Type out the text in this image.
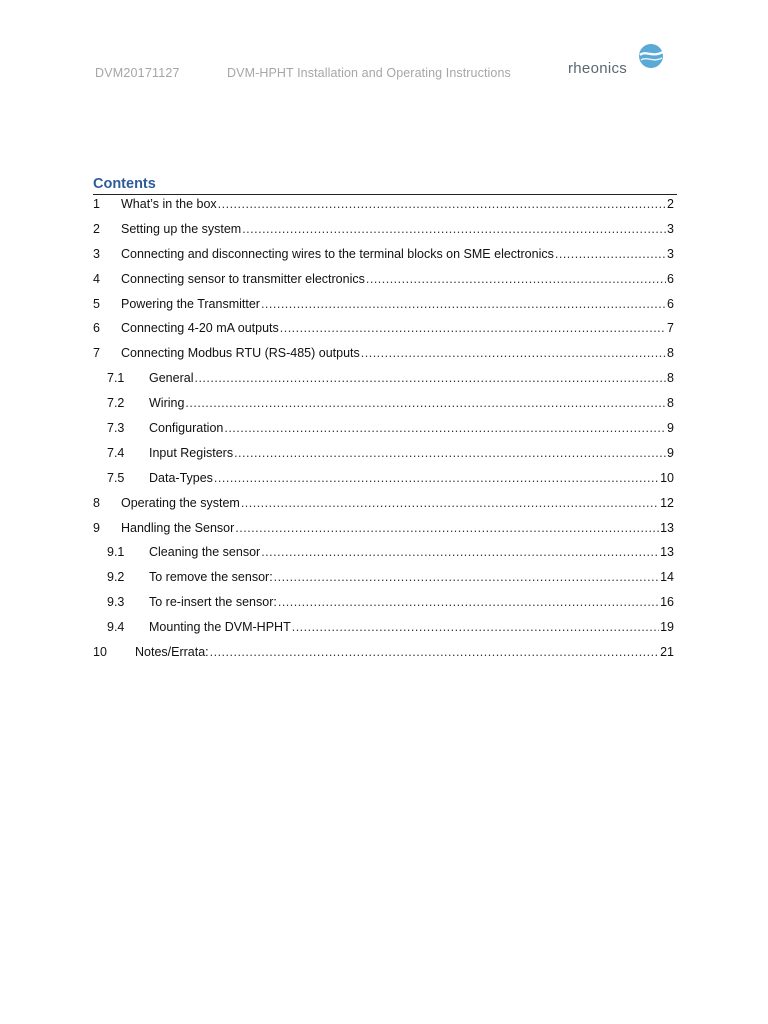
DVM20171127	DVM-HPHT Installation and Operating Instructions	rheonics
Contents
1	What’s in the box .....	2
2	Setting up the system .....	3
3	Connecting and disconnecting wires to the terminal blocks on SME electronics .....	3
4	Connecting sensor to transmitter electronics .....	6
5	Powering the Transmitter .....	6
6	Connecting 4-20 mA outputs .....	7
7	Connecting Modbus RTU (RS-485) outputs .....	8
7.1	General .....	8
7.2	Wiring .....	8
7.3	Configuration .....	9
7.4	Input Registers .....	9
7.5	Data-Types .....	10
8	Operating the system .....	12
9	Handling the Sensor .....	13
9.1	Cleaning the sensor .....	13
9.2	To remove the sensor: .....	14
9.3	To re-insert the sensor: .....	16
9.4	Mounting the DVM-HPHT .....	19
10	Notes/Errata: .....	21
